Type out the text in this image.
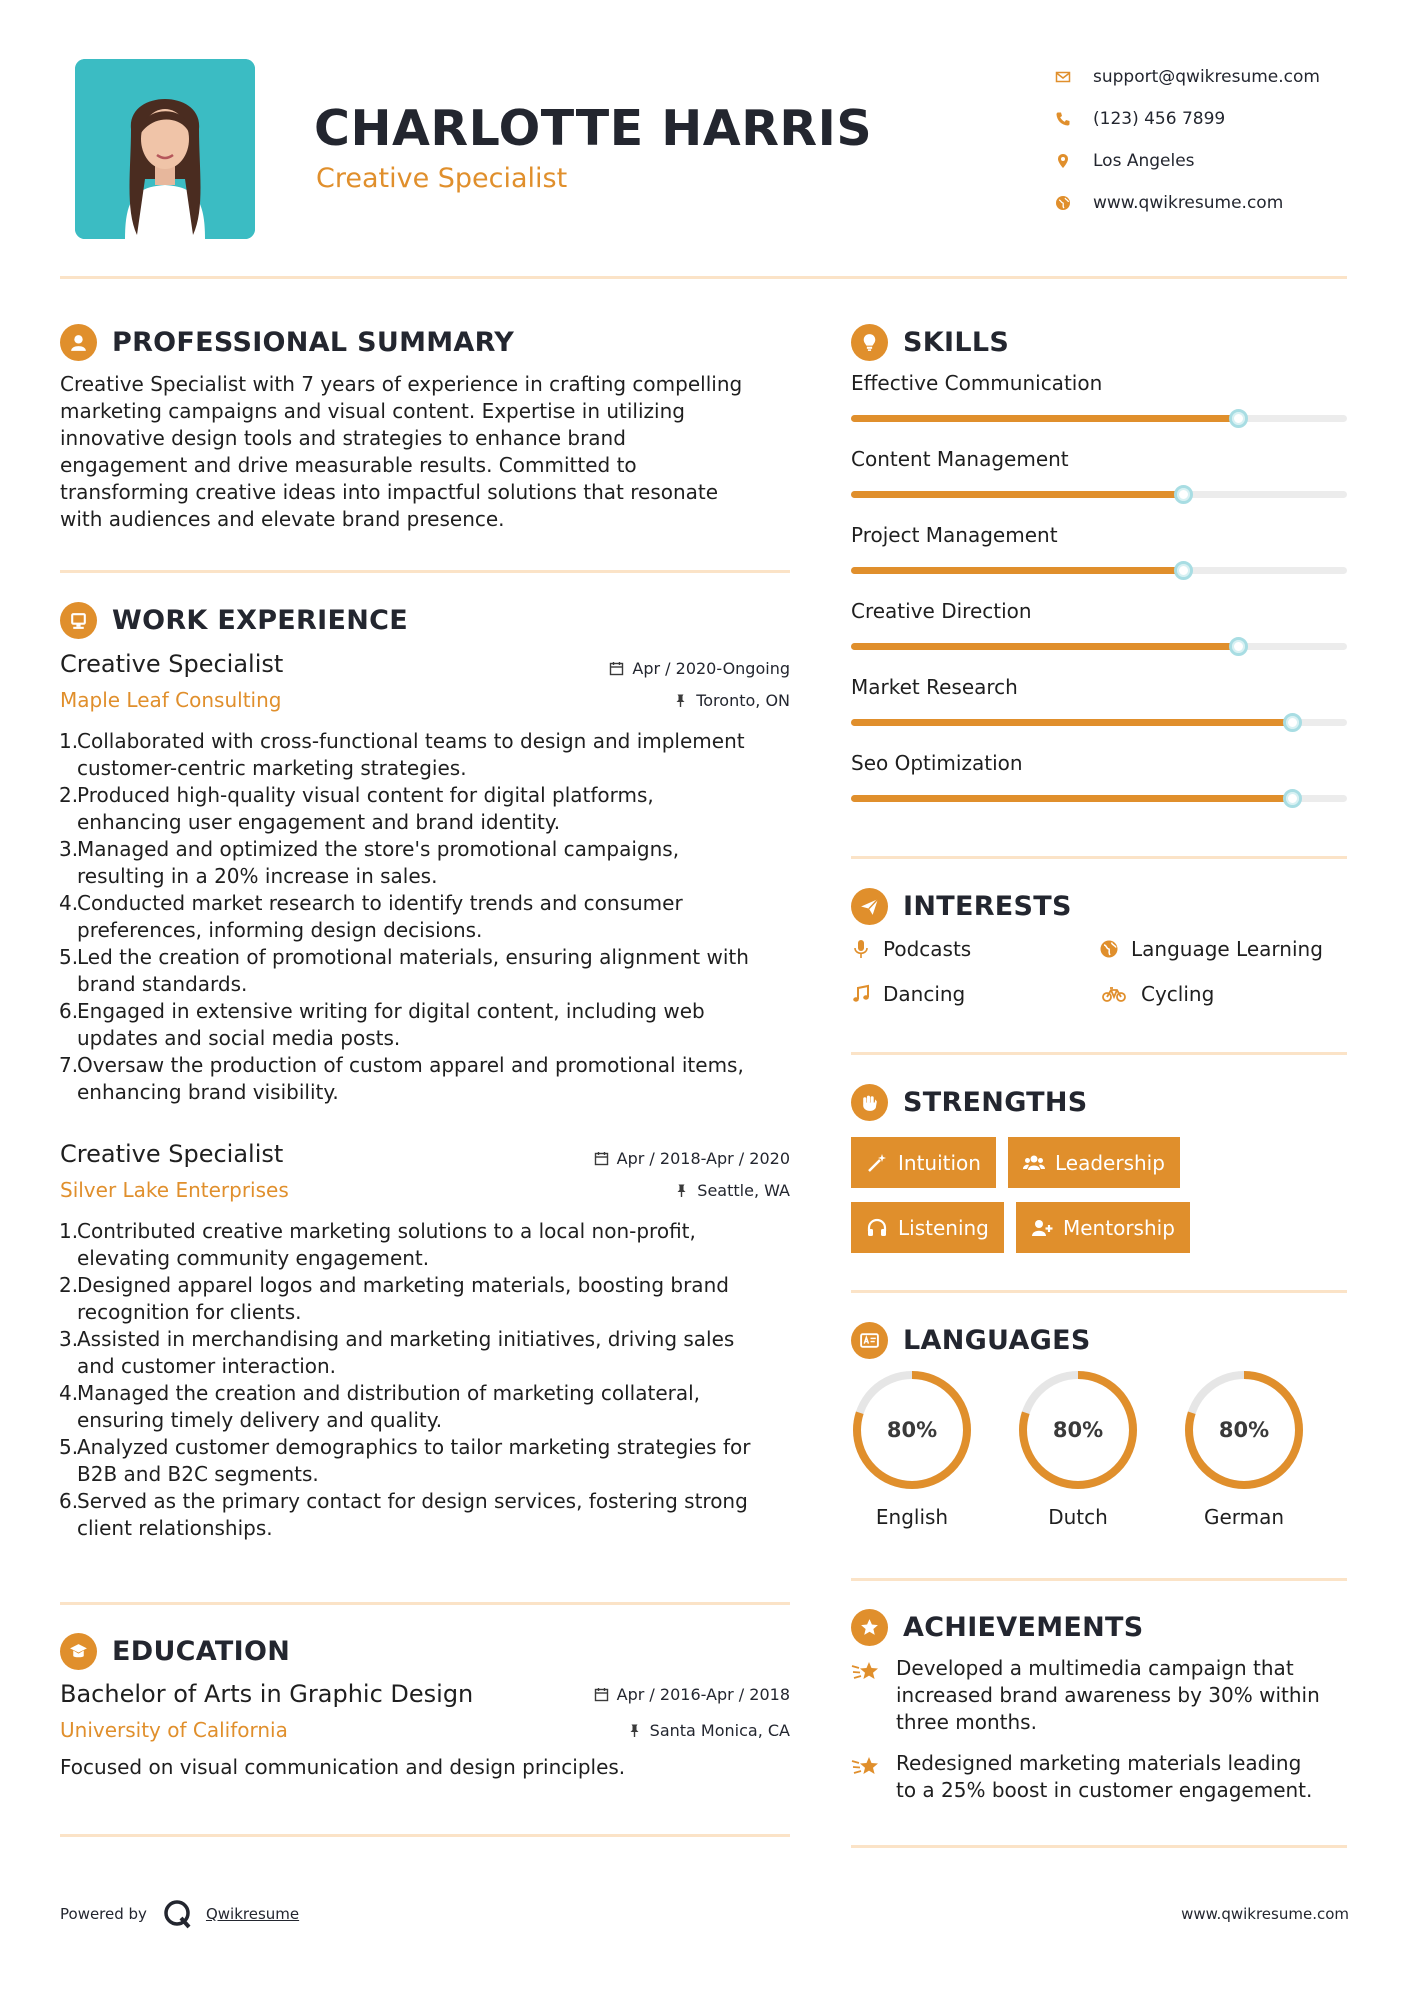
CHARLOTTE HARRIS
Creative Specialist
support@qwikresume.com
(123) 456 7899
Los Angeles
www.qwikresume.com
PROFESSIONAL SUMMARY
Creative Specialist with 7 years of experience in crafting compelling
marketing campaigns and visual content. Expertise in utilizing
innovative design tools and strategies to enhance brand
engagement and drive measurable results. Committed to
transforming creative ideas into impactful solutions that resonate
with audiences and elevate brand presence.
WORK EXPERIENCE
Creative Specialist
Maple Leaf Consulting
Apr / 2020-Ongoing
Toronto, ON
1.
Collaborated with cross-functional teams to design and implement
customer-centric marketing strategies.
2.
Produced high-quality visual content for digital platforms,
enhancing user engagement and brand identity.
3.
Managed and optimized the store's promotional campaigns,
resulting in a 20% increase in sales.
4.
Conducted market research to identify trends and consumer
preferences, informing design decisions.
5.
Led the creation of promotional materials, ensuring alignment with
brand standards.
6.
Engaged in extensive writing for digital content, including web
updates and social media posts.
7.
Oversaw the production of custom apparel and promotional items,
enhancing brand visibility.
Creative Specialist
Silver Lake Enterprises
Apr / 2018-Apr / 2020
Seattle, WA
1.
Contributed creative marketing solutions to a local non-profit,
elevating community engagement.
2.
Designed apparel logos and marketing materials, boosting brand
recognition for clients.
3.
Assisted in merchandising and marketing initiatives, driving sales
and customer interaction.
4.
Managed the creation and distribution of marketing collateral,
ensuring timely delivery and quality.
5.
Analyzed customer demographics to tailor marketing strategies for
B2B and B2C segments.
6.
Served as the primary contact for design services, fostering strong
client relationships.
EDUCATION
Bachelor of Arts in Graphic Design
University of California
Apr / 2016-Apr / 2018
Santa Monica, CA
Focused on visual communication and design principles.
SKILLS
Effective Communication
Content Management
Project Management
Creative Direction
Market Research
Seo Optimization
INTERESTS
Podcasts	Language Learning
Dancing	Cycling
STRENGTHS
Intuition	Leadership
Listening	Mentorship
LANGUAGES
80%
English
80%
Dutch
80%
German
ACHIEVEMENTS
Developed a multimedia campaign that
increased brand awareness by 30% within
three months.
Redesigned marketing materials leading
to a 25% boost in customer engagement.
Powered by	Qwikresume	www.qwikresume.com
